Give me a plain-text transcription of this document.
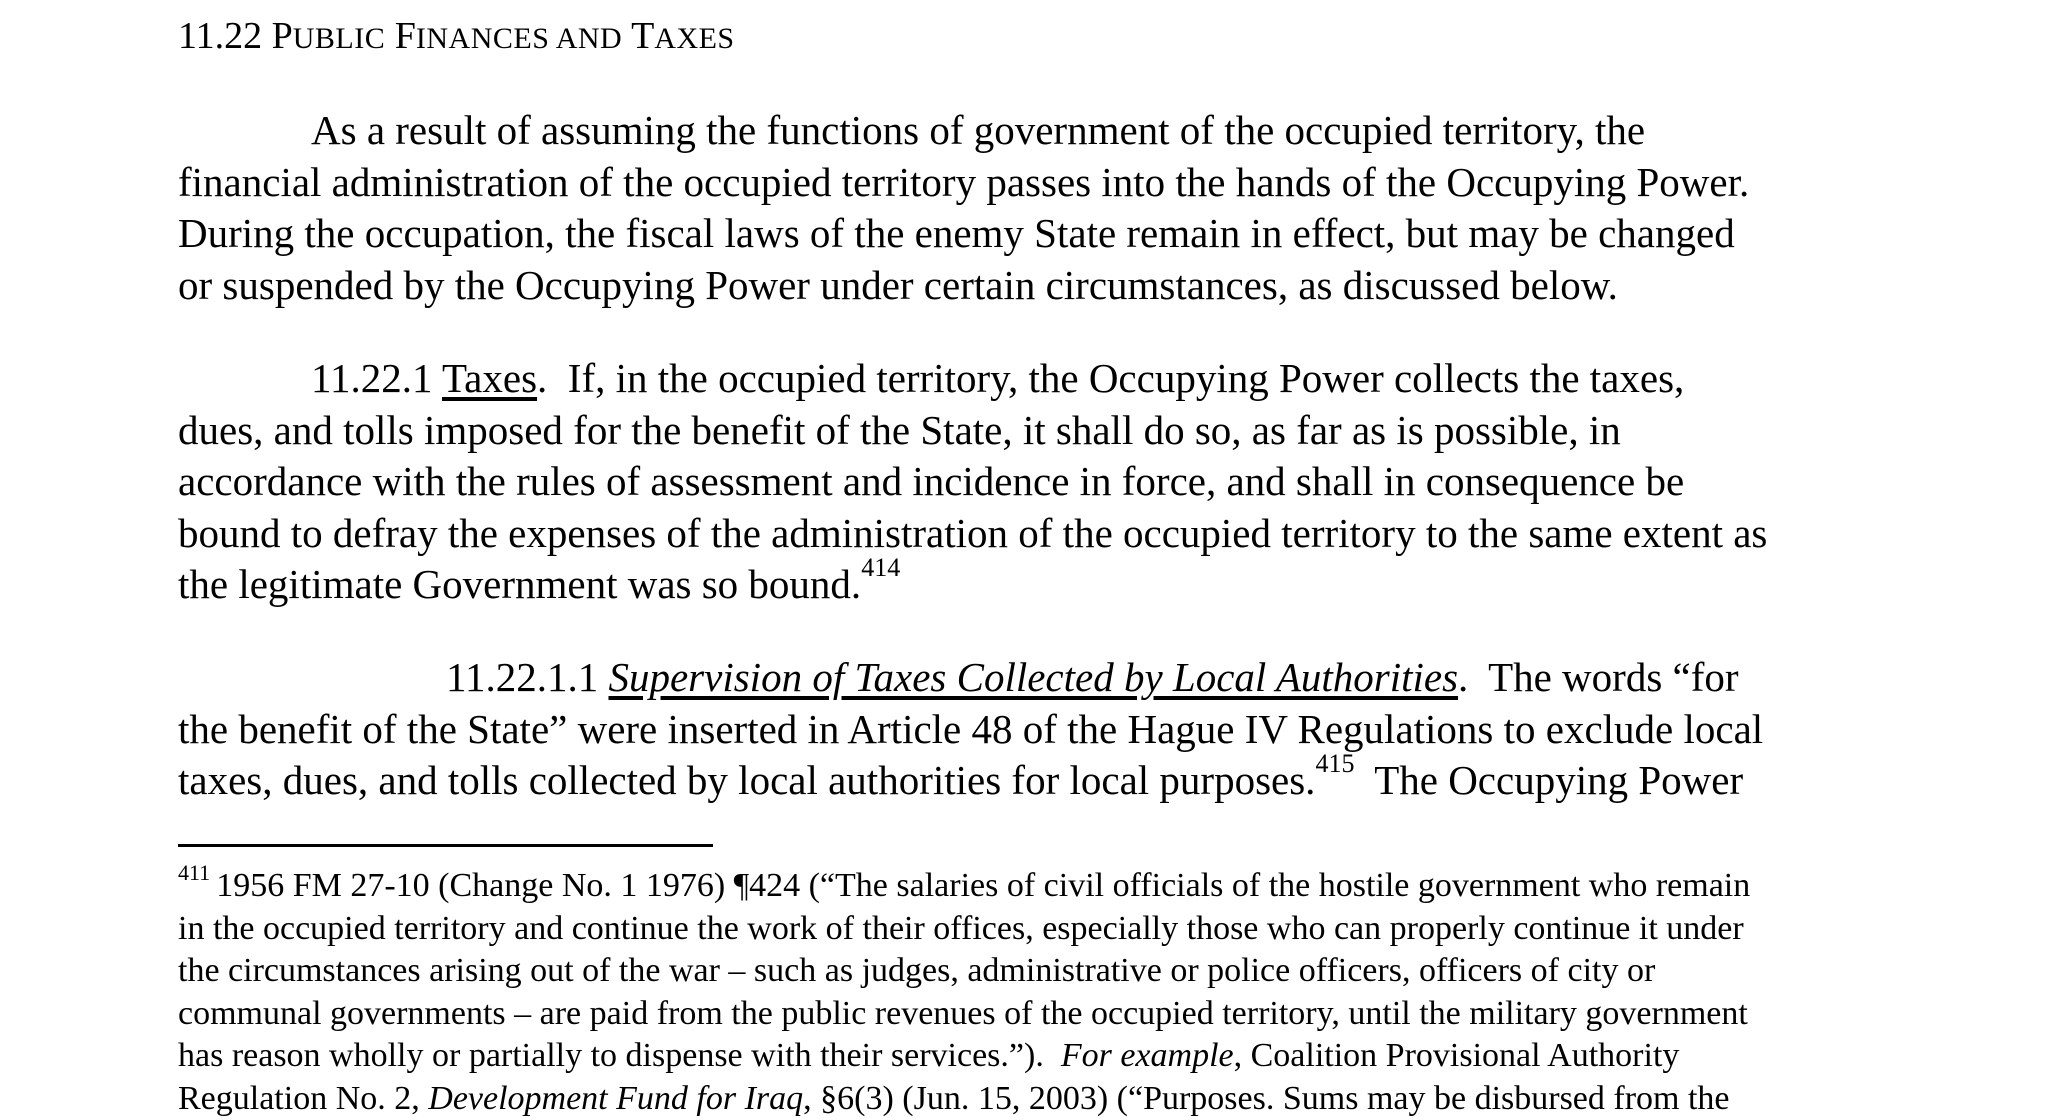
11.22 PUBLIC FINANCES AND TAXES
As a result of assuming the functions of government of the occupied territory, the
financial administration of the occupied territory passes into the hands of the Occupying Power.
During the occupation, the fiscal laws of the enemy State remain in effect, but may be changed
or suspended by the Occupying Power under certain circumstances, as discussed below.
11.22.1 Taxes.  If, in the occupied territory, the Occupying Power collects the taxes,
dues, and tolls imposed for the benefit of the State, it shall do so, as far as is possible, in
accordance with the rules of assessment and incidence in force, and shall in consequence be
bound to defray the expenses of the administration of the occupied territory to the same extent as
the legitimate Government was so bound.$^{414}$
11.22.1.1 Supervision of Taxes Collected by Local Authorities.  The words “for
the benefit of the State” were inserted in Article 48 of the Hague IV Regulations to exclude local
taxes, dues, and tolls collected by local authorities for local purposes.$^{415}$ The Occupying Power
$^{411}$ 1956 FM 27-10 (Change No. 1 1976) ¶424 (“The salaries of civil officials of the hostile government who remain
in the occupied territory and continue the work of their offices, especially those who can properly continue it under
the circumstances arising out of the war – such as judges, administrative or police officers, officers of city or
communal governments – are paid from the public revenues of the occupied territory, until the military government
has reason wholly or partially to dispense with their services.”). For example, Coalition Provisional Authority
Regulation No. 2, Development Fund for Iraq, §6(3) (Jun. 15, 2003) (“Purposes. Sums may be disbursed from the
